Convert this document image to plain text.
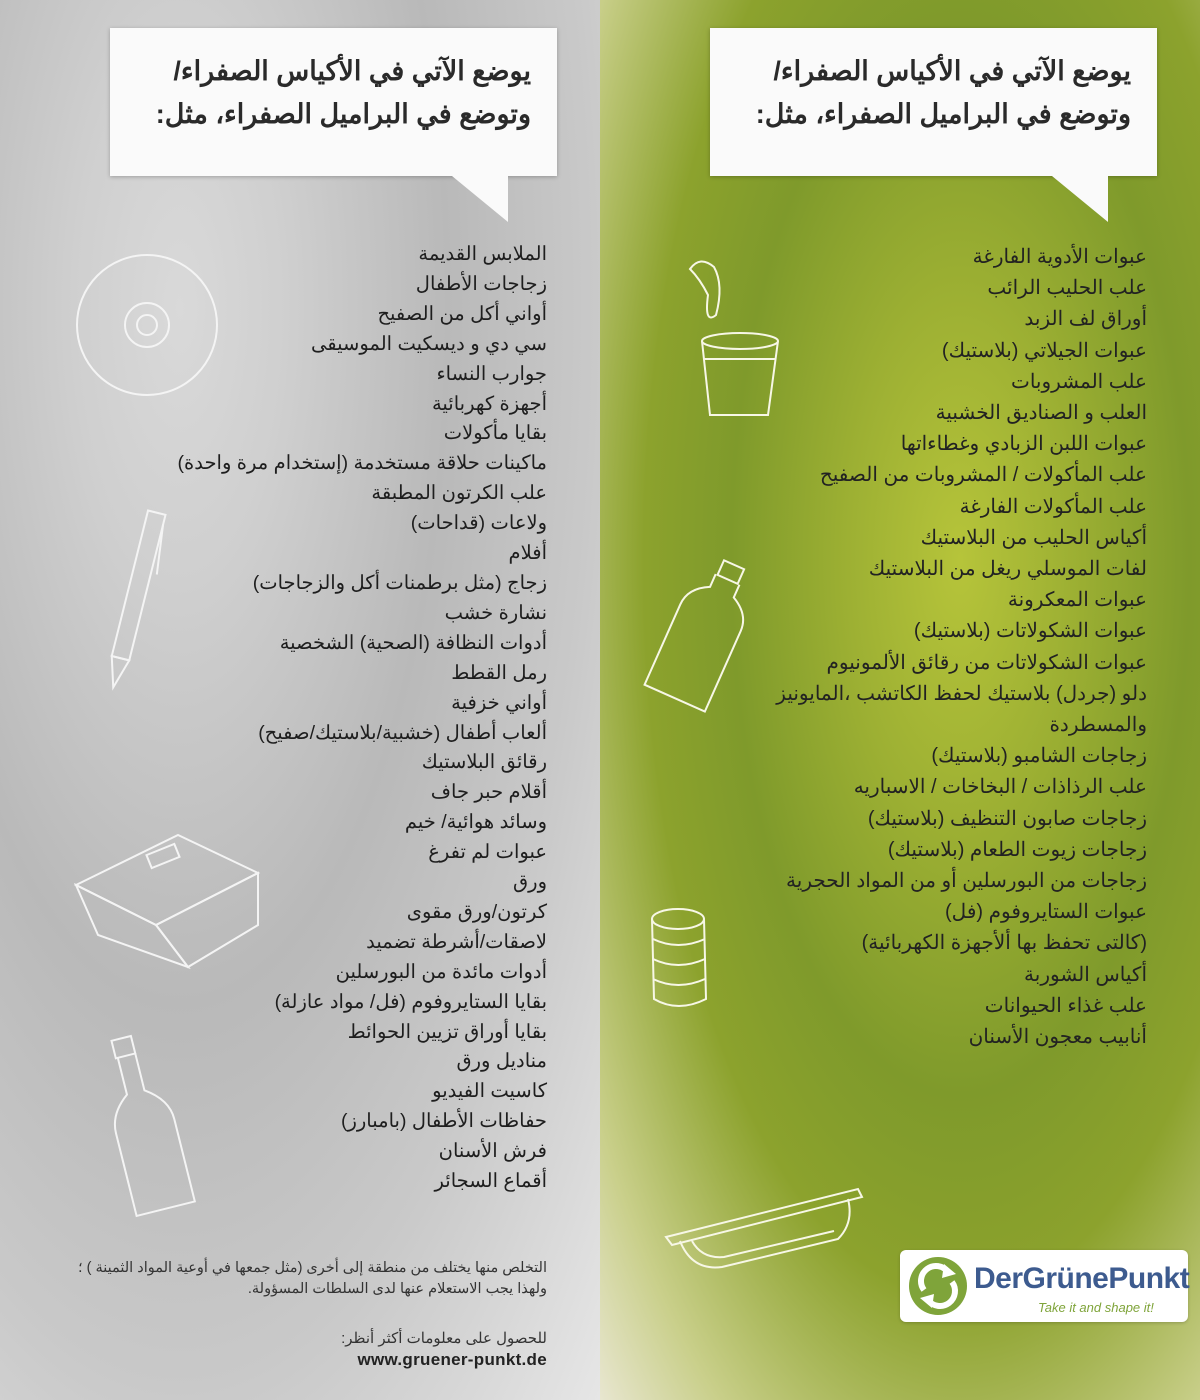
يوضع الآتي في الأكياس الصفراء/
وتوضع في البراميل الصفراء، مثل:
الملابس القديمة
زجاجات الأطفال
أواني أكل من الصفيح
سي دي و ديسكيت الموسيقى
جوارب النساء
أجهزة كهربائية
بقايا مأكولات
ماكينات حلاقة مستخدمة (إستخدام مرة واحدة)
علب الكرتون المطبقة
ولاعات (قداحات)
أفلام
زجاج (مثل برطمنات أكل والزجاجات)
نشارة خشب
أدوات النظافة (الصحية) الشخصية
رمل القطط
أواني خزفية
ألعاب أطفال (خشبية/بلاستيك/صفيح)
رقائق البلاستيك
أقلام حبر جاف
وسائد هوائية/ خيم
عبوات لم تفرغ
ورق
كرتون/ورق مقوى
لاصقات/أشرطة تضميد
أدوات مائدة من البورسلين
بقايا الستايروفوم (فل/ مواد عازلة)
بقايا أوراق تزيين الحوائط
مناديل ورق
كاسيت الفيديو
حفاظات الأطفال (بامبارز)
فرش الأسنان
أقماع السجائر
التخلص منها يختلف من منطقة إلى أخرى (مثل جمعها في أوعية المواد الثمينة ) ؛ ولهذا يجب الاستعلام عنها لدى السلطات المسؤولة.
للحصول على معلومات أكثر أنظر:
www.gruener-punkt.de
يوضع الآتي في الأكياس الصفراء/
وتوضع في البراميل الصفراء، مثل:
عبوات الأدوية الفارغة
علب الحليب الرائب
أوراق لف الزبد
عبوات الجيلاتي (بلاستيك)
علب المشروبات
العلب و الصناديق الخشبية
عبوات اللبن الزبادي وغطاءاتها
علب المأكولات / المشروبات من الصفيح
علب المأكولات الفارغة
أكياس الحليب من البلاستيك
لفات الموسلي ريغل من البلاستيك
عبوات المعكرونة
عبوات الشكولاتات (بلاستيك)
عبوات الشكولاتات من رقائق الألمونيوم
دلو (جردل) بلاستيك لحفظ الكاتشب ،المايونيز والمسطردة
زجاجات الشامبو (بلاستيك)
علب الرذاذات / البخاخات / الاسباريه
زجاجات صابون التنظيف (بلاستيك)
زجاجات زيوت الطعام (بلاستيك)
زجاجات من البورسلين أو من المواد الحجرية
عبوات الستايروفوم (فل)
(كالتى تحفظ بها ألأجهزة الكهربائية)
أكياس الشوربة
علب غذاء الحيوانات
أنابيب معجون الأسنان
DerGrünePunkt
Take it and shape it!
